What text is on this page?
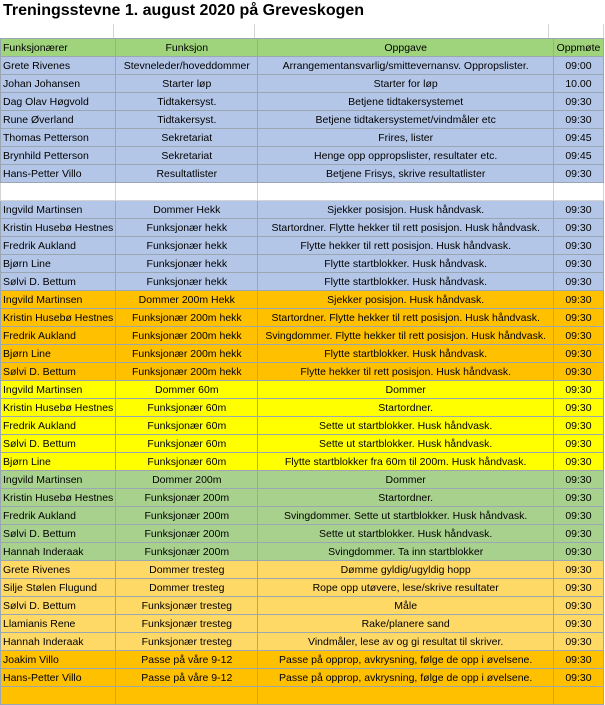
Treningsstevne 1. august 2020 på Greveskogen
Funksjonærer	Funksjon	Oppgave	Oppmøte
Grete Rivenes	Stevneleder/hoveddommer	Arrangementansvarlig/smittevernansv. Oppropslister.	09:00
Johan Johansen	Starter løp	Starter for løp	10.00
Dag Olav Høgvold	Tidtakersyst.	Betjene tidtakersystemet	09:30
Rune Øverland	Tidtakersyst.	Betjene tidtakersystemet/vindmåler etc	09:30
Thomas Petterson	Sekretariat	Frires, lister	09:45
Brynhild Petterson	Sekretariat	Henge opp oppropslister, resultater etc.	09:45
Hans-Petter Villo	Resultatlister	Betjene Frisys, skrive resultatlister	09:30

Ingvild Martinsen	Dommer Hekk	Sjekker posisjon. Husk håndvask.	09:30
Kristin Husebø Hestnes	Funksjonær hekk	Startordner. Flytte hekker til rett posisjon. Husk håndvask.	09:30
Fredrik Aukland	Funksjonær hekk	Flytte hekker til rett posisjon. Husk håndvask.	09:30
Bjørn Line	Funksjonær hekk	Flytte startblokker. Husk håndvask.	09:30
Sølvi D. Bettum	Funksjonær hekk	Flytte startblokker. Husk håndvask.	09:30
Ingvild Martinsen	Dommer 200m Hekk	Sjekker posisjon. Husk håndvask.	09:30
Kristin Husebø Hestnes	Funksjonær 200m hekk	Startordner. Flytte hekker til rett posisjon. Husk håndvask.	09:30
Fredrik Aukland	Funksjonær 200m hekk	Svingdommer. Flytte hekker til rett posisjon. Husk håndvask.	09:30
Bjørn Line	Funksjonær 200m hekk	Flytte startblokker. Husk håndvask.	09:30
Sølvi D. Bettum	Funksjonær 200m hekk	Flytte hekker til rett posisjon. Husk håndvask.	09:30
Ingvild Martinsen	Dommer 60m	Dommer	09:30
Kristin Husebø Hestnes	Funksjonær 60m	Startordner.	09:30
Fredrik Aukland	Funksjonær 60m	Sette ut startblokker. Husk håndvask.	09:30
Sølvi D. Bettum	Funksjonær 60m	Sette ut startblokker. Husk håndvask.	09:30
Bjørn Line	Funksjonær 60m	Flytte startblokker fra 60m til 200m. Husk håndvask.	09:30
Ingvild Martinsen	Dommer 200m	Dommer	09:30
Kristin Husebø Hestnes	Funksjonær 200m	Startordner.	09:30
Fredrik Aukland	Funksjonær 200m	Svingdommer. Sette ut startblokker. Husk håndvask.	09:30
Sølvi D. Bettum	Funksjonær 200m	Sette ut startblokker. Husk håndvask.	09:30
Hannah Inderaak	Funksjonær 200m	Svingdommer. Ta inn startblokker	09:30
Grete Rivenes	Dommer tresteg	Dømme gyldig/ugyldig hopp	09:30
Silje Stølen Flugund	Dommer tresteg	Rope opp utøvere, lese/skrive resultater	09:30
Sølvi D. Bettum	Funksjonær tresteg	Måle	09:30
Llamianis Rene	Funksjonær tresteg	Rake/planere sand	09:30
Hannah Inderaak	Funksjonær tresteg	Vindmåler, lese av og gi resultat til skriver.	09:30
Joakim Villo	Passe på våre 9-12	Passe på opprop, avkrysning, følge de opp i øvelsene.	09:30
Hans-Petter Villo	Passe på våre 9-12	Passe på opprop, avkrysning, følge de opp i øvelsene.	09:30
